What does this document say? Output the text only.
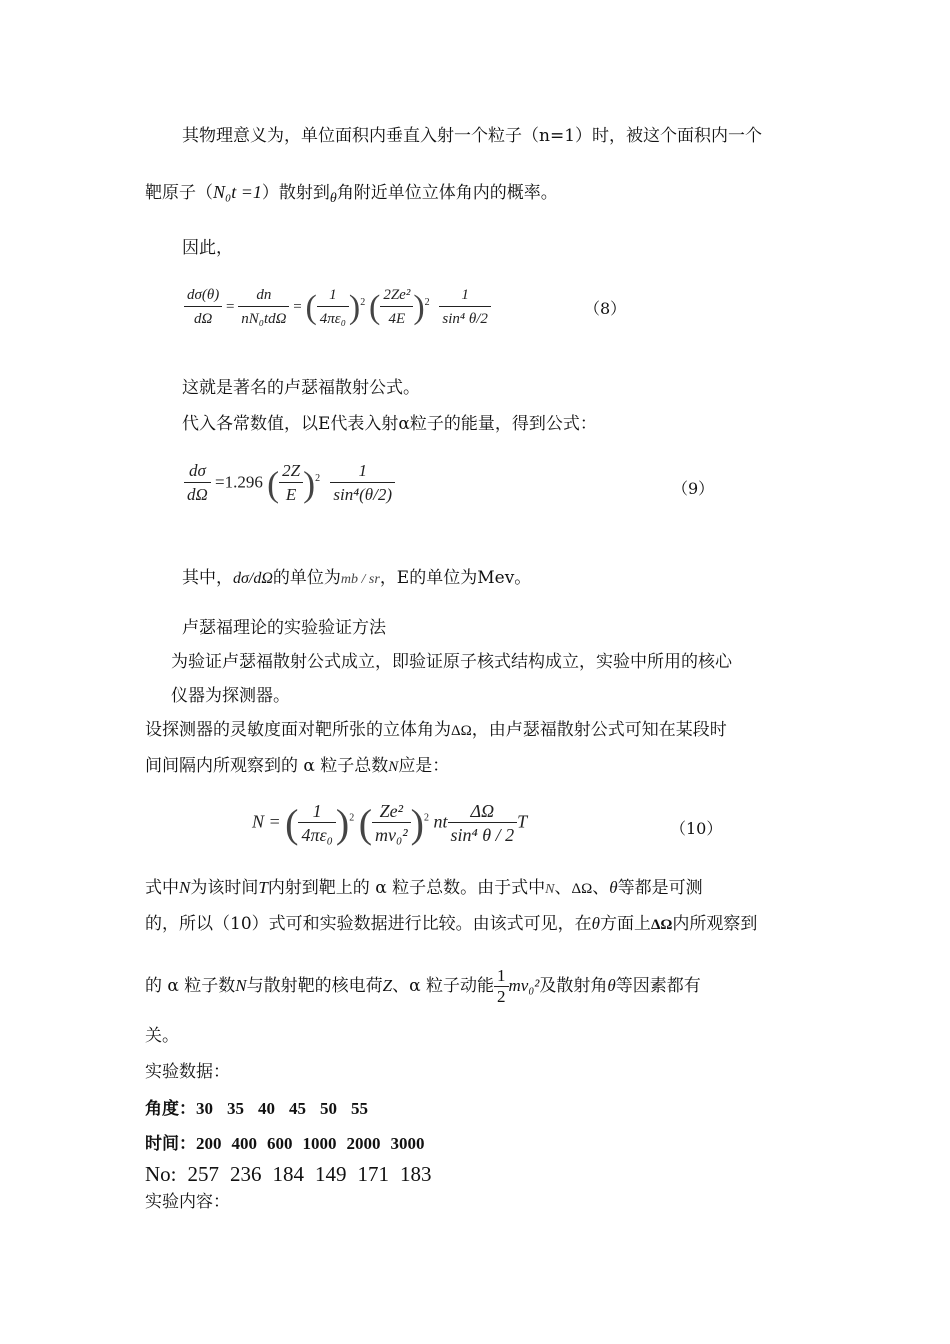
其物理意义为，单位面积内垂直入射一个粒子（n=1）时，被这个面积内一个
靶原子（N₀t =1）散射到$_\theta$角附近单位立体角内的概率。
因此，
$\frac{d\sigma(\theta)}{d\Omega} = \frac{dn}{\text{nN₀tdΩ}}$ = ( $\frac{1}{\text{4πε₀}} )^2$ ( $\frac{\text{2Ze²}}{4E} )^2 \frac{1}{\text{sin⁴ θ/2}}$	（8）
这就是著名的卢瑟福散射公式。
代入各常数值，以E代表入射α粒子的能量，得到公式：
$\frac{d\sigma}{d\Omega} =1.296$ ( $\frac{2Z}{E} )^2 \frac{1}{\text{sin⁴(θ/2)}}$	（9）
其中，dσ/dΩ的单位为mb / sr，E的单位为Mev。
卢瑟福理论的实验验证方法
为验证卢瑟福散射公式成立，即验证原子核式结构成立，实验中所用的核心
仪器为探测器。
设探测器的灵敏度面对靶所张的立体角为ΔΩ，由卢瑟福散射公式可知在某段时
间间隔内所观察到的 α 粒子总数N应是：
N = ( $\frac{1}{\text{4πε₀}} )^2$ ( $\frac{\text{Ze²}}{\text{mν₀²}} )^2$ nt $\frac{\Delta\Omega}{\text{sin⁴ θ / 2}}$ T	（10）
式中N为该时间T内射到靶上的 α 粒子总数。由于式中N、ΔΩ、θ等都是可测
的，所以（10）式可和实验数据进行比较。由该式可见，在θ方面上ΔΩ内所观察到
的 α 粒子数N与散射靶的核电荷Z、α 粒子动能 $\frac{1}{2} m\nu_0^2$及散射角θ等因素都有
关。
实验数据：
角度：30 35 40 45 50 55
时间：200 400 600 1000 2000 3000
No: 257 236 184 149 171 183
实验内容：
